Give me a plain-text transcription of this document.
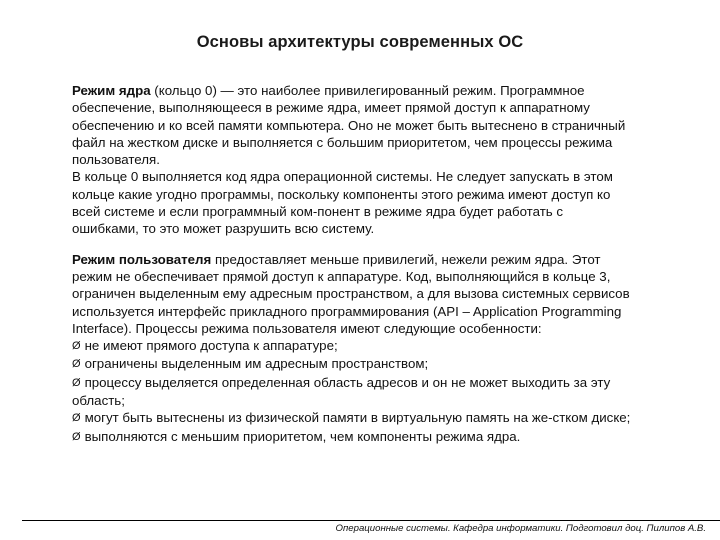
Основы архитектуры современных ОС

Режим ядра (кольцо 0) — это наиболее привилегированный режим. Программное обеспечение, выполняющееся в режиме ядра, имеет прямой доступ к аппаратному обеспечению и ко всей памяти компьютера. Оно не может быть вытеснено в страничный файл на жестком диске и выполняется с большим приоритетом, чем процессы режима пользователя.

В кольце 0 выполняется код ядра операционной системы. Не следует запускать в этом кольце какие угодно программы, поскольку компоненты этого режима имеют доступ ко всей системе и если программный ком-понент в режиме ядра будет работать с ошибками, то это может разрушить всю систему.

Режим пользователя предоставляет меньше привилегий, нежели режим ядра. Этот режим не обеспечивает прямой доступ к аппаратуре. Код, выполняющийся в кольце 3, ограничен выделенным ему адресным пространством, а для вызова системных сервисов используется интерфейс прикладного программирования (API – Application Programming Interface). Процессы режима пользователя имеют следующие особенности:

Ø не имеют прямого доступа к аппаратуре;
Ø ограничены выделенным им адресным пространством;
Ø процессу выделяется определенная область адресов и он не может выходить за эту область;
Ø могут быть вытеснены из физической памяти в виртуальную память на же-стком диске;
Ø выполняются с меньшим приоритетом, чем компоненты режима ядра.
Операционные системы. Кафедра информатики. Подготовил доц. Пилипов А.В.
